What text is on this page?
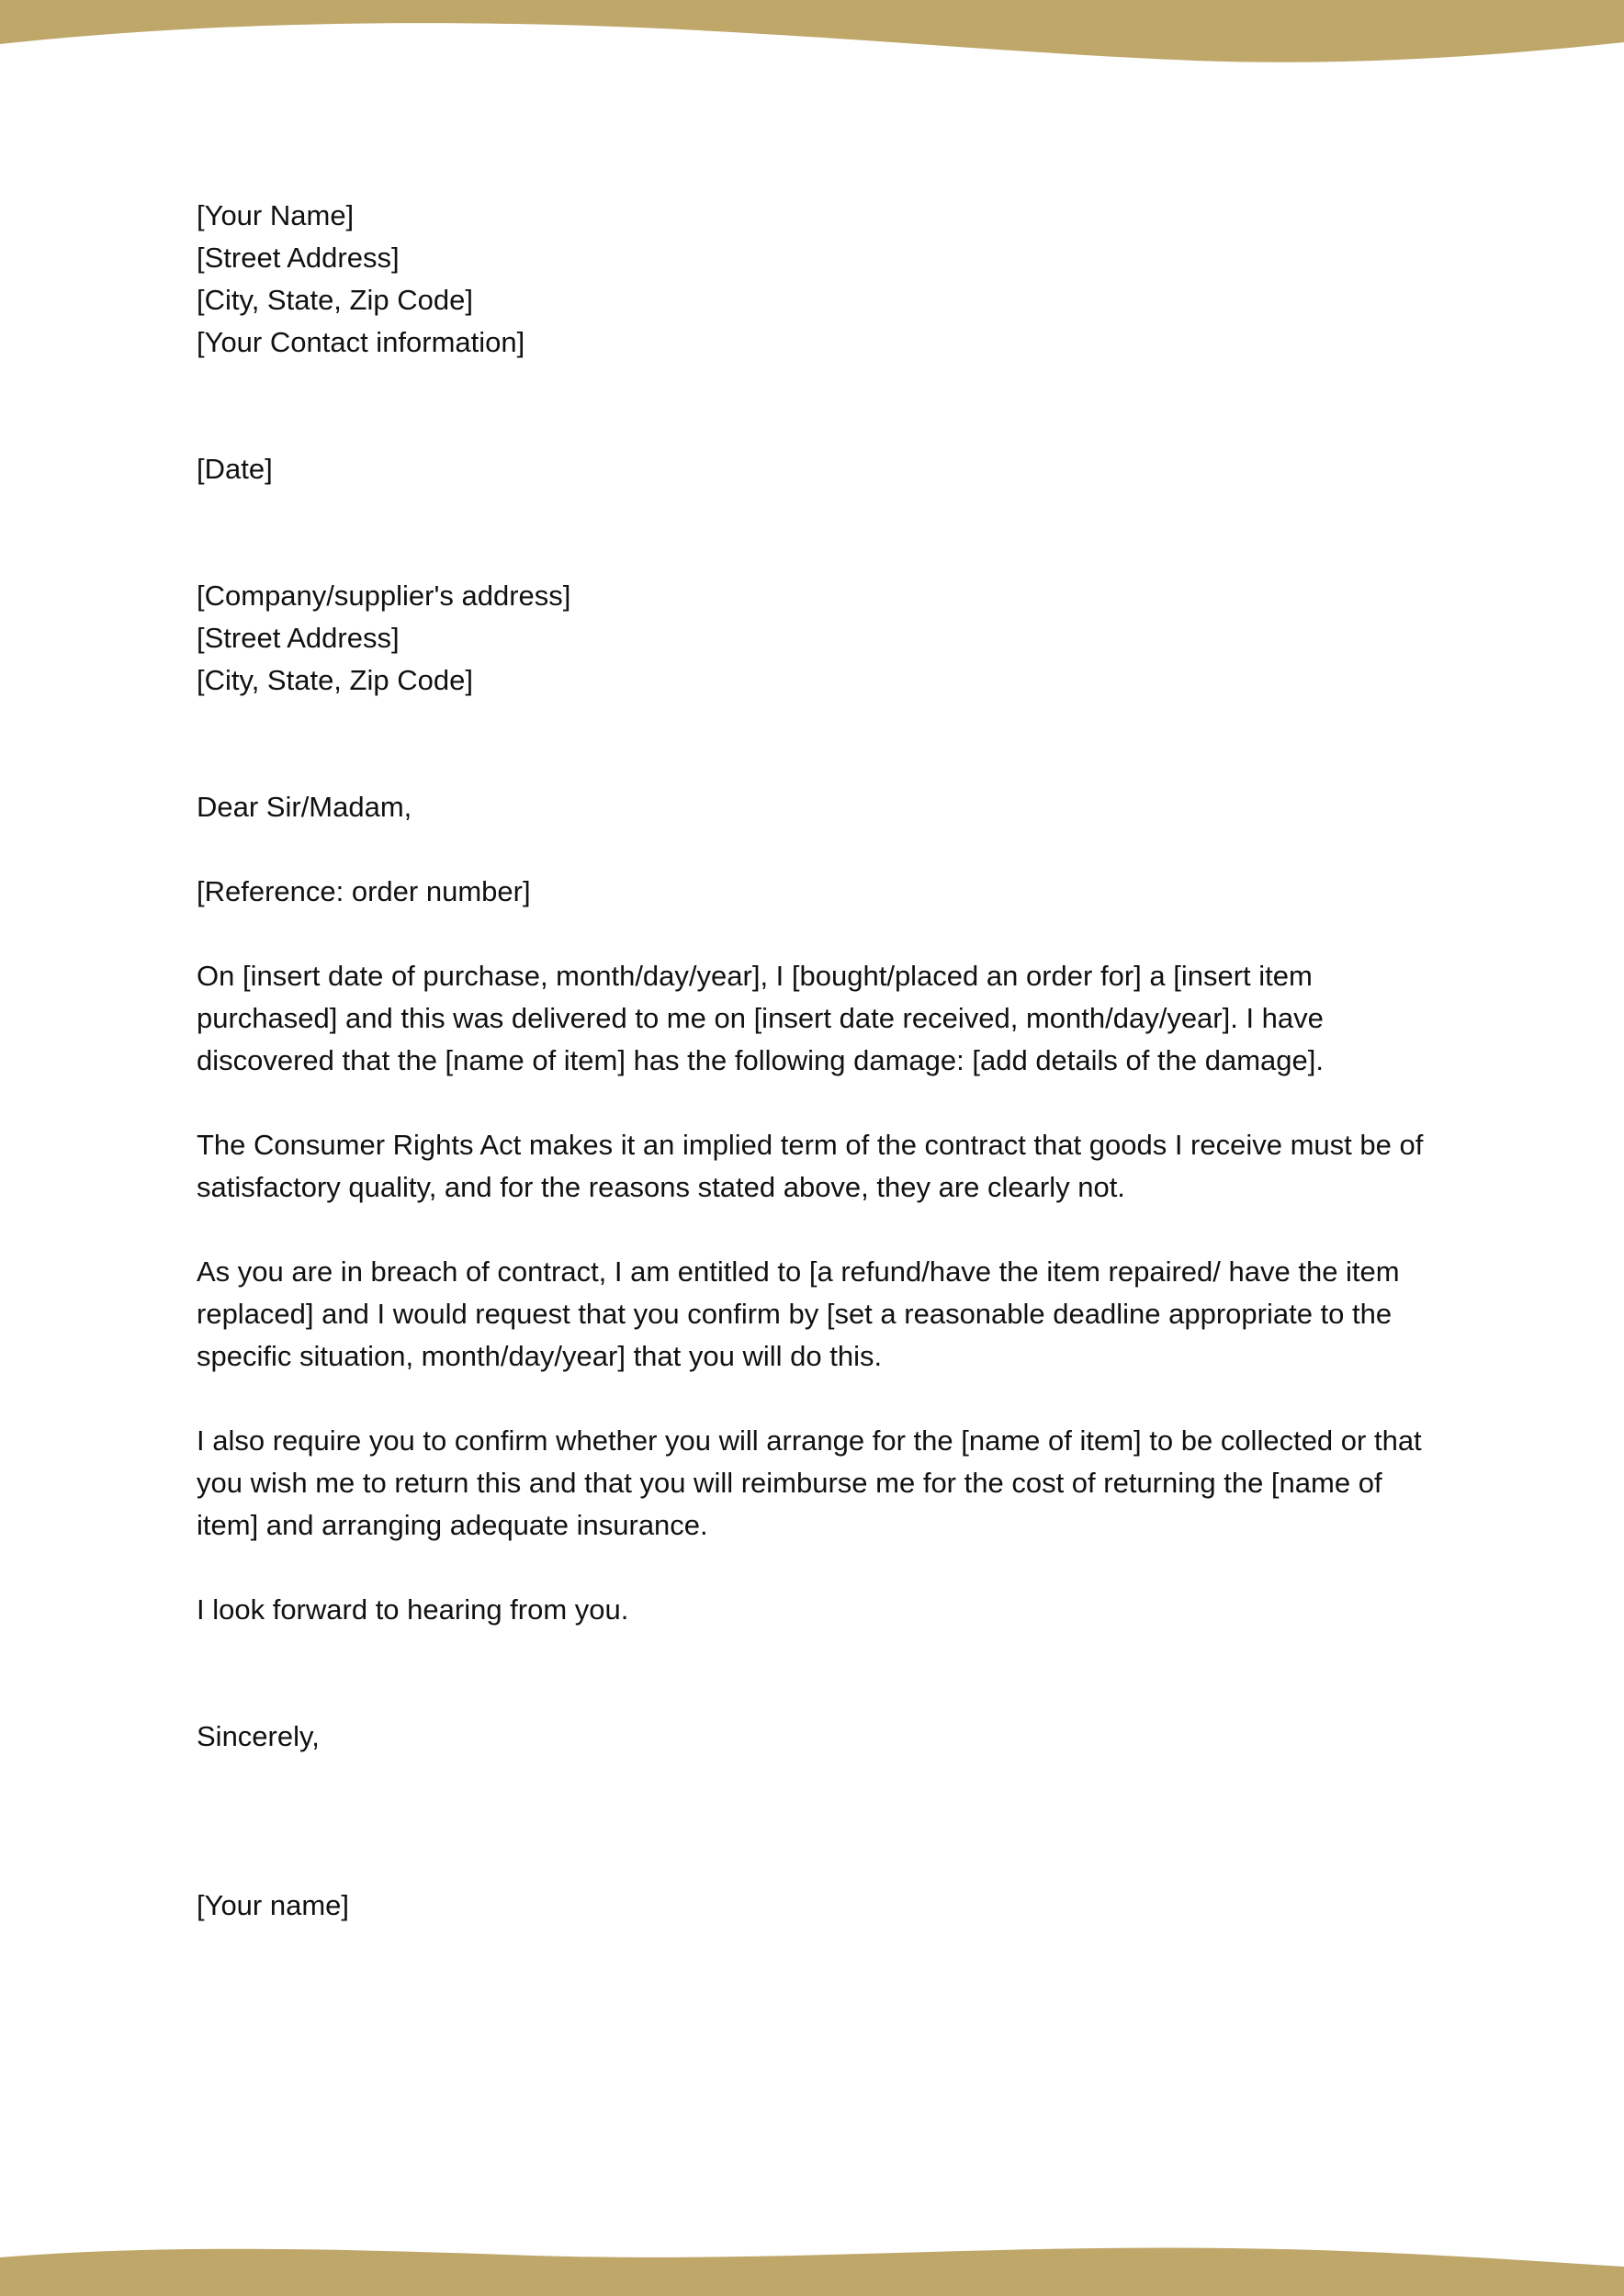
[Your Name]
[Street Address]
[City, State, Zip Code]
[Your Contact information]
[Date]
[Company/supplier's address]
[Street Address]
[City, State, Zip Code]

Dear Sir/Madam,

[Reference: order number]

On [insert date of purchase, month/day/year], I [bought/placed an order for] a [insert item
purchased] and this was delivered to me on [insert date received, month/day/year]. I have
discovered that the [name of item] has the following damage: [add details of the damage].

The Consumer Rights Act makes it an implied term of the contract that goods I receive must be of
satisfactory quality, and for the reasons stated above, they are clearly not.

As you are in breach of contract, I am entitled to [a refund/have the item repaired/ have the item
replaced] and I would request that you confirm by [set a reasonable deadline appropriate to the
specific situation, month/day/year] that you will do this.

I also require you to confirm whether you will arrange for the [name of item] to be collected or that
you wish me to return this and that you will reimburse me for the cost of returning the [name of
item] and arranging adequate insurance.

I look forward to hearing from you.

Sincerely,

[Your name]
